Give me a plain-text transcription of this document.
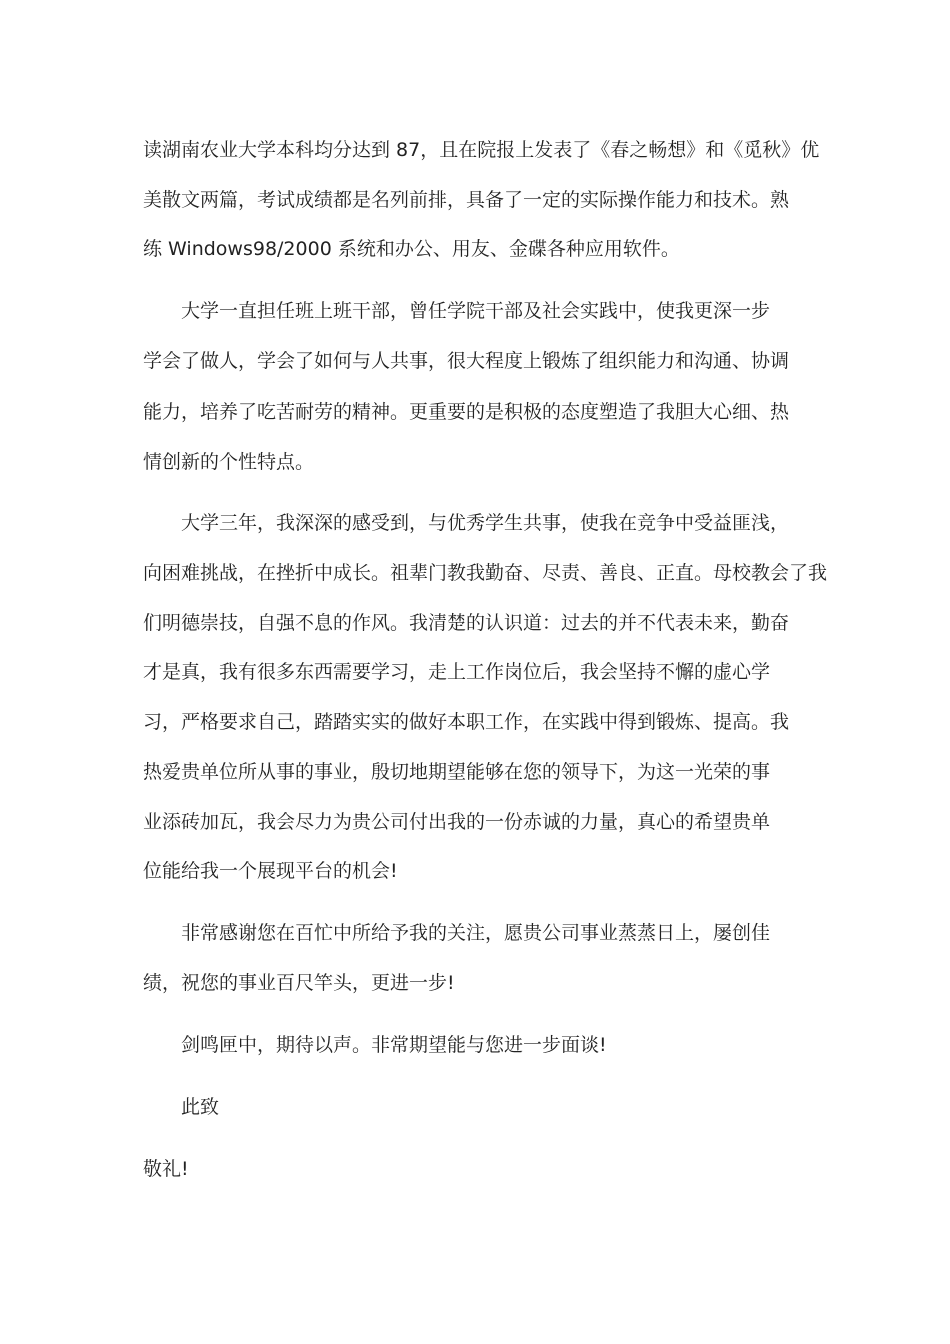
读湖南农业大学本科均分达到 87，且在院报上发表了《春之畅想》和《觅秋》优

美散文两篇，考试成绩都是名列前排，具备了一定的实际操作能力和技术。熟

练 Windows98/2000 系统和办公、用友、金碟各种应用软件。

大学一直担任班上班干部，曾任学院干部及社会实践中，使我更深一步

学会了做人，学会了如何与人共事，很大程度上锻炼了组织能力和沟通、协调

能力，培养了吃苦耐劳的精神。更重要的是积极的态度塑造了我胆大心细、热

情创新的个性特点。

大学三年，我深深的感受到，与优秀学生共事，使我在竞争中受益匪浅，

向困难挑战，在挫折中成长。祖辈门教我勤奋、尽责、善良、正直。母校教会了我

们明德崇技，自强不息的作风。我清楚的认识道：过去的并不代表未来，勤奋

才是真，我有很多东西需要学习，走上工作岗位后，我会坚持不懈的虚心学

习，严格要求自己，踏踏实实的做好本职工作，在实践中得到锻炼、提高。我

热爱贵单位所从事的事业，殷切地期望能够在您的领导下，为这一光荣的事

业添砖加瓦，我会尽力为贵公司付出我的一份赤诚的力量，真心的希望贵单

位能给我一个展现平台的机会!

非常感谢您在百忙中所给予我的关注，愿贵公司事业蒸蒸日上，屡创佳

绩，祝您的事业百尺竿头，更进一步!

剑鸣匣中，期待以声。非常期望能与您进一步面谈!

此致

敬礼!
